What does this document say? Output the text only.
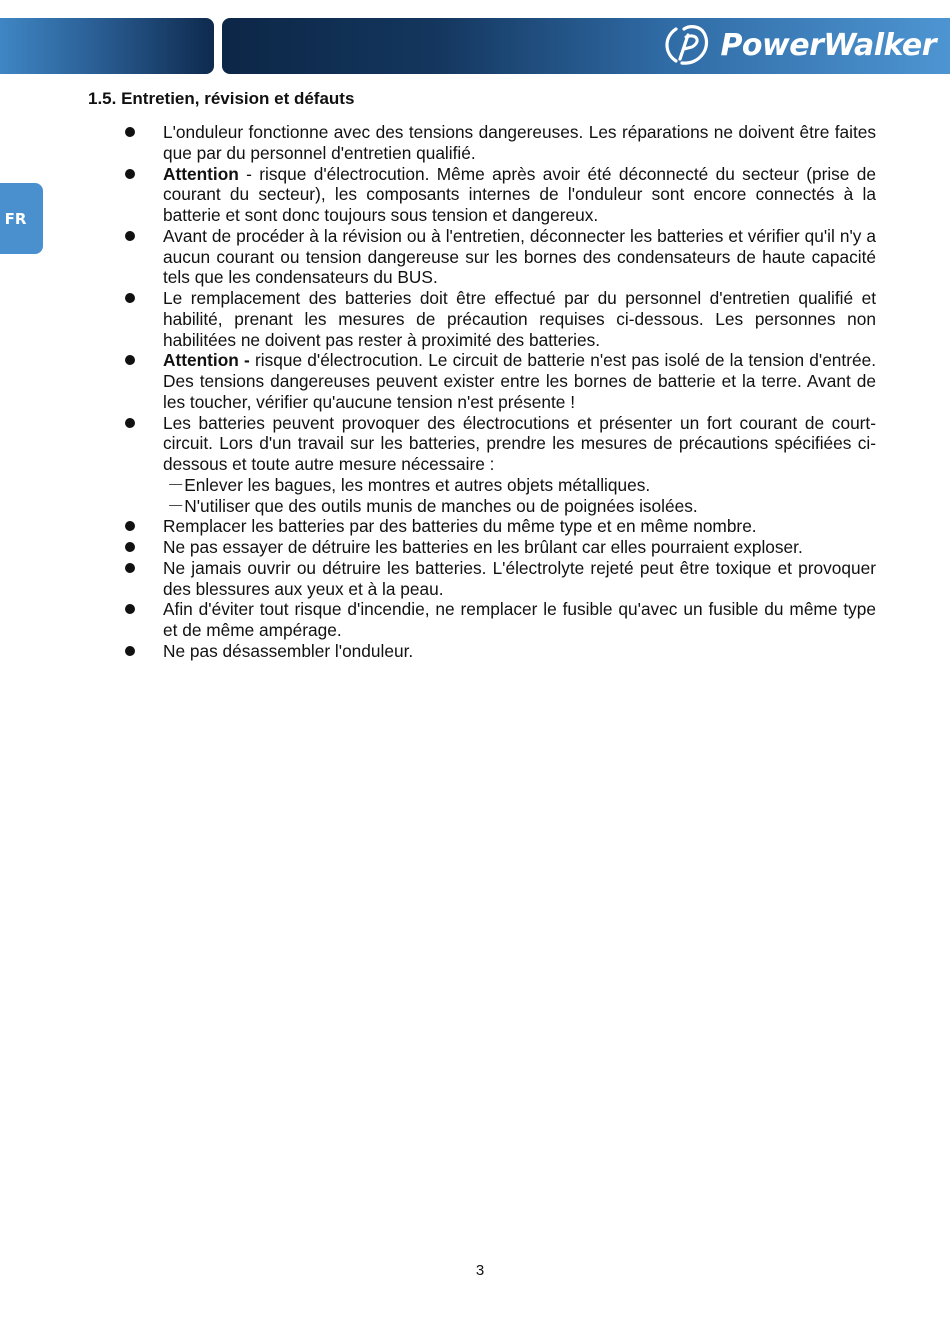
PowerWalker
FR
1.5. Entretien, révision et défauts
L'onduleur fonctionne avec des tensions dangereuses. Les réparations ne doivent être faites que par du personnel d'entretien qualifié.
Attention - risque d'électrocution. Même après avoir été déconnecté du secteur (prise de courant du secteur), les composants internes de l'onduleur sont encore connectés à la batterie et sont donc toujours sous tension et dangereux.
Avant de procéder à la révision ou à l'entretien, déconnecter les batteries et vérifier qu'il n'y a aucun courant ou tension dangereuse sur les bornes des condensateurs de haute capacité tels que les condensateurs du BUS.
Le remplacement des batteries doit être effectué par du personnel d'entretien qualifié et habilité, prenant les mesures de précaution requises ci-dessous. Les personnes non habilitées ne doivent pas rester à proximité des batteries.
Attention - risque d'électrocution. Le circuit de batterie n'est pas isolé de la tension d'entrée. Des tensions dangereuses peuvent exister entre les bornes de batterie et la terre. Avant de les toucher, vérifier qu'aucune tension n'est présente !
Les batteries peuvent provoquer des électrocutions et présenter un fort courant de court-circuit. Lors d'un travail sur les batteries, prendre les mesures de précautions spécifiées ci-dessous et toute autre mesure nécessaire :
－Enlever les bagues, les montres et autres objets métalliques.
－N'utiliser que des outils munis de manches ou de poignées isolées.
Remplacer les batteries par des batteries du même type et en même nombre.
Ne pas essayer de détruire les batteries en les brûlant car elles pourraient exploser.
Ne jamais ouvrir ou détruire les batteries. L'électrolyte rejeté peut être toxique et provoquer des blessures aux yeux et à la peau.
Afin d'éviter tout risque d'incendie, ne remplacer le fusible qu'avec un fusible du même type et de même ampérage.
Ne pas désassembler l'onduleur.
3
